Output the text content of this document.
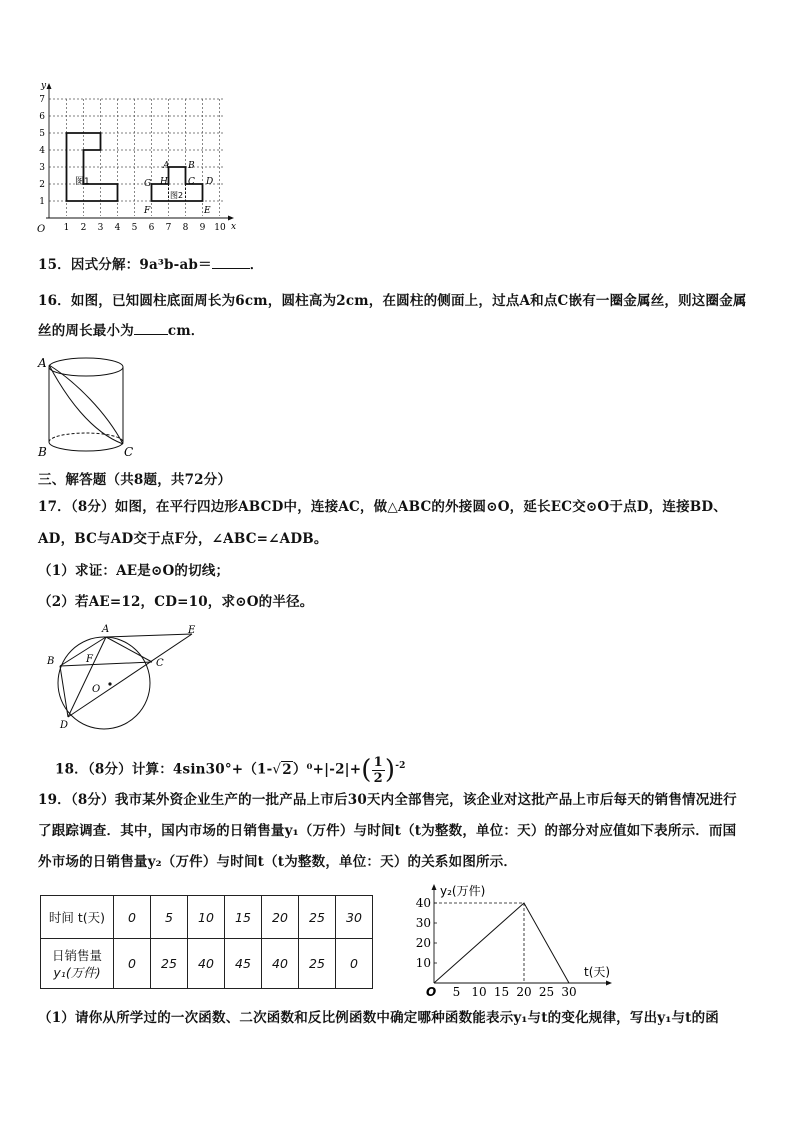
y
x
O 1 2 3 4 5 6 7 8 9 10
1
2
3
4
5
6
7
图1
图2
A B
C D
E
F
G H
15．因式分解：9a³b-ab＝	．
16．如图，已知圆柱底面周长为6cm，圆柱高为2cm，在圆柱的侧面上，过点A和点C嵌有一圈金属丝，则这圈金属
丝的周长最小为	cm．
A
B	C
三、解答题（共8题，共72分）
17．（8分）如图，在平行四边形ABCD中，连接AC，做△ABC的外接圆⊙O，延长EC交⊙O于点D，连接BD、
AD，BC与AD交于点F分，∠ABC=∠ADB。
（1）求证：AE是⊙O的切线；
（2）若AE=12，CD=10，求⊙O的半径。
A
B	C
D
E
F
O
18．（8分）计算：$4\sin 30^\circ+(1-√2)^0+|-2|+( \frac{1}{2} )^{-2}$
19．（8分）我市某外资企业生产的一批产品上市后30天内全部售完，该企业对这批产品上市后每天的销售情况进行
了跟踪调查．其中，国内市场的日销售量y₁（万件）与时间t（t为整数，单位：天）的部分对应值如下表所示．而国
外市场的日销售量y₂（万件）与时间t（t为整数，单位：天）的关系如图所示．
时间 t(天)	0	5	10	15	20	25	30
日销售量
y₁(万件)	0	25	40	45	40	25	0
y₂(万件)
t(天)
O 5 10 15 20 25 30
10
20
30
40
（1）请你从所学过的一次函数、二次函数和反比例函数中确定哪种函数能表示y₁与t的变化规律，写出y₁与t的函
